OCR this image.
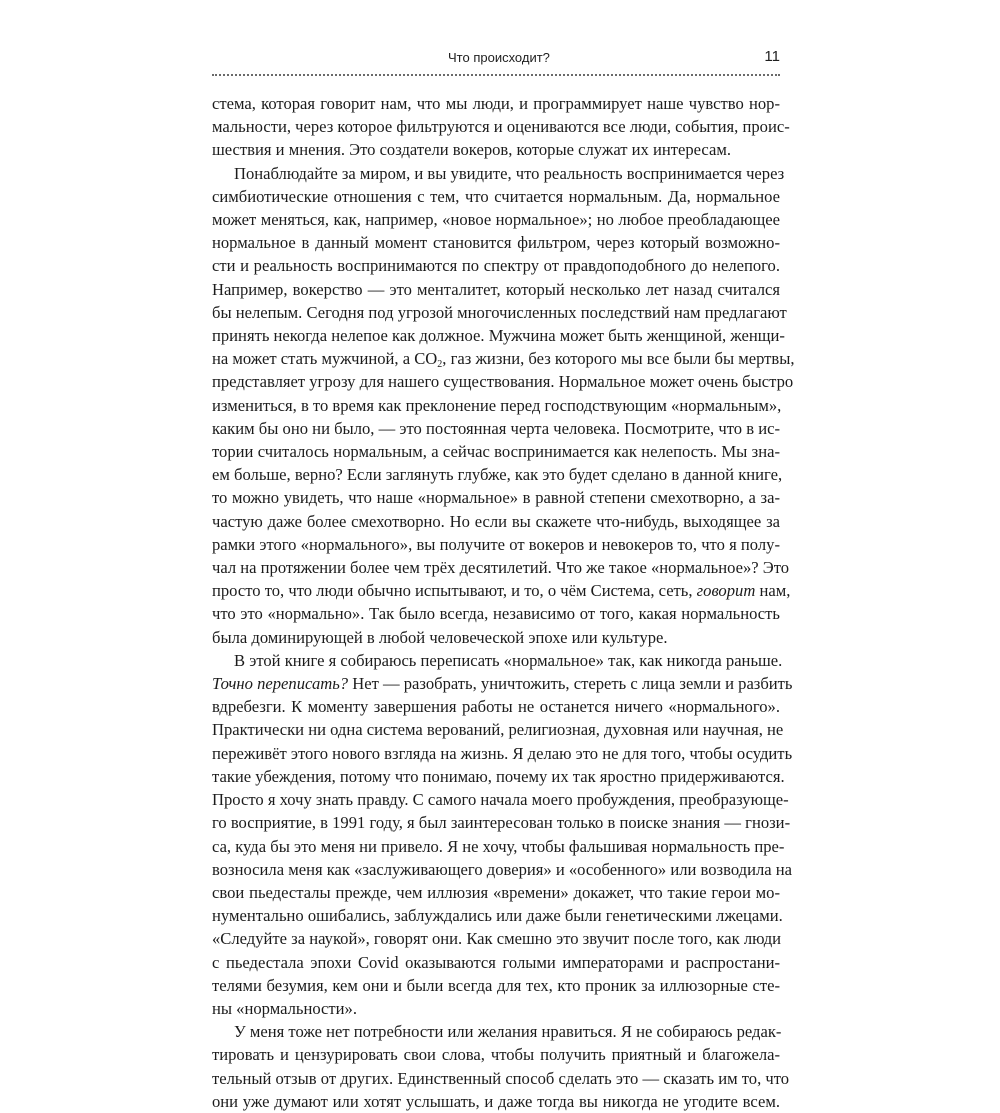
Что происходит?	11
стема, которая говорит нам, что мы люди, и программирует наше чувство нор-
мальности, через которое фильтруются и оцениваются все люди, события, проис-
шествия и мнения. Это создатели вокеров, которые служат их интересам.
Понаблюдайте за миром, и вы увидите, что реальность воспринимается через
симбиотические отношения с тем, что считается нормальным. Да, нормальное
может меняться, как, например, «новое нормальное»; но любое преобладающее
нормальное в данный момент становится фильтром, через который возможно-
сти и реальность воспринимаются по спектру от правдоподобного до нелепого.
Например, вокерство — это менталитет, который несколько лет назад считался
бы нелепым. Сегодня под угрозой многочисленных последствий нам предлагают
принять некогда нелепое как должное. Мужчина может быть женщиной, женщи-
на может стать мужчиной, а $CO_2$, газ жизни, без которого мы все были бы мертвы,
представляет угрозу для нашего существования. Нормальное может очень быстро
измениться, в то время как преклонение перед господствующим «нормальным»,
каким бы оно ни было, — это постоянная черта человека. Посмотрите, что в ис-
тории считалось нормальным, а сейчас воспринимается как нелепость. Мы зна-
ем больше, верно? Если заглянуть глубже, как это будет сделано в данной книге,
то можно увидеть, что наше «нормальное» в равной степени смехотворно, а за-
частую даже более смехотворно. Но если вы скажете что-нибудь, выходящее за
рамки этого «нормального», вы получите от вокеров и невокеров то, что я полу-
чал на протяжении более чем трёх десятилетий. Что же такое «нормальное»? Это
просто то, что люди обычно испытывают, и то, о чём Система, сеть, говорит нам,
что это «нормально». Так было всегда, независимо от того, какая нормальность
была доминирующей в любой человеческой эпохе или культуре.
В этой книге я собираюсь переписать «нормальное» так, как никогда раньше.
Точно переписать? Нет — разобрать, уничтожить, стереть с лица земли и разбить
вдребезги. К моменту завершения работы не останется ничего «нормального».
Практически ни одна система верований, религиозная, духовная или научная, не
переживёт этого нового взгляда на жизнь. Я делаю это не для того, чтобы осудить
такие убеждения, потому что понимаю, почему их так яростно придерживаются.
Просто я хочу знать правду. С самого начала моего пробуждения, преобразующе-
го восприятие, в 1991 году, я был заинтересован только в поиске знания — гнози-
са, куда бы это меня ни привело. Я не хочу, чтобы фальшивая нормальность пре-
возносила меня как «заслуживающего доверия» и «особенного» или возводила на
свои пьедесталы прежде, чем иллюзия «времени» докажет, что такие герои мо-
нументально ошибались, заблуждались или даже были генетическими лжецами.
«Следуйте за наукой», говорят они. Как смешно это звучит после того, как люди
с пьедестала эпохи Covid оказываются голыми императорами и распростани-
телями безумия, кем они и были всегда для тех, кто проник за иллюзорные сте-
ны «нормальности».
У меня тоже нет потребности или желания нравиться. Я не собираюсь редак-
тировать и цензурировать свои слова, чтобы получить приятный и благожела-
тельный отзыв от других. Единственный способ сделать это — сказать им то, что
они уже думают или хотят услышать, и даже тогда вы никогда не угодите всем.
